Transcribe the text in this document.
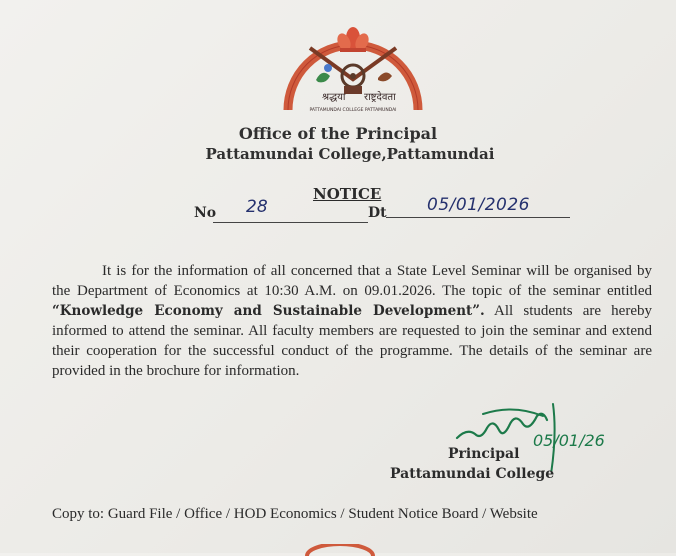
श्रद्धया राष्ट्रदेवता
PATTAMUNDAI COLLEGE PATTAMUNDAI
Office of the Principal
Pattamundai College,Pattamundai
NOTICE
No 28	Dt 05/01/2026
It is for the information of all concerned that a State Level Seminar will be organised by the Department of Economics at 10:30 A.M. on 09.01.2026. The topic of the seminar entitled “Knowledge Economy and Sustainable Development”. All students are hereby informed to attend the seminar. All faculty members are requested to join the seminar and extend their cooperation for the successful conduct of the programme. The details of the seminar are provided in the brochure for information.
05/01/26
Principal
Pattamundai College
Copy to: Guard File / Office / HOD Economics / Student Notice Board / Website
